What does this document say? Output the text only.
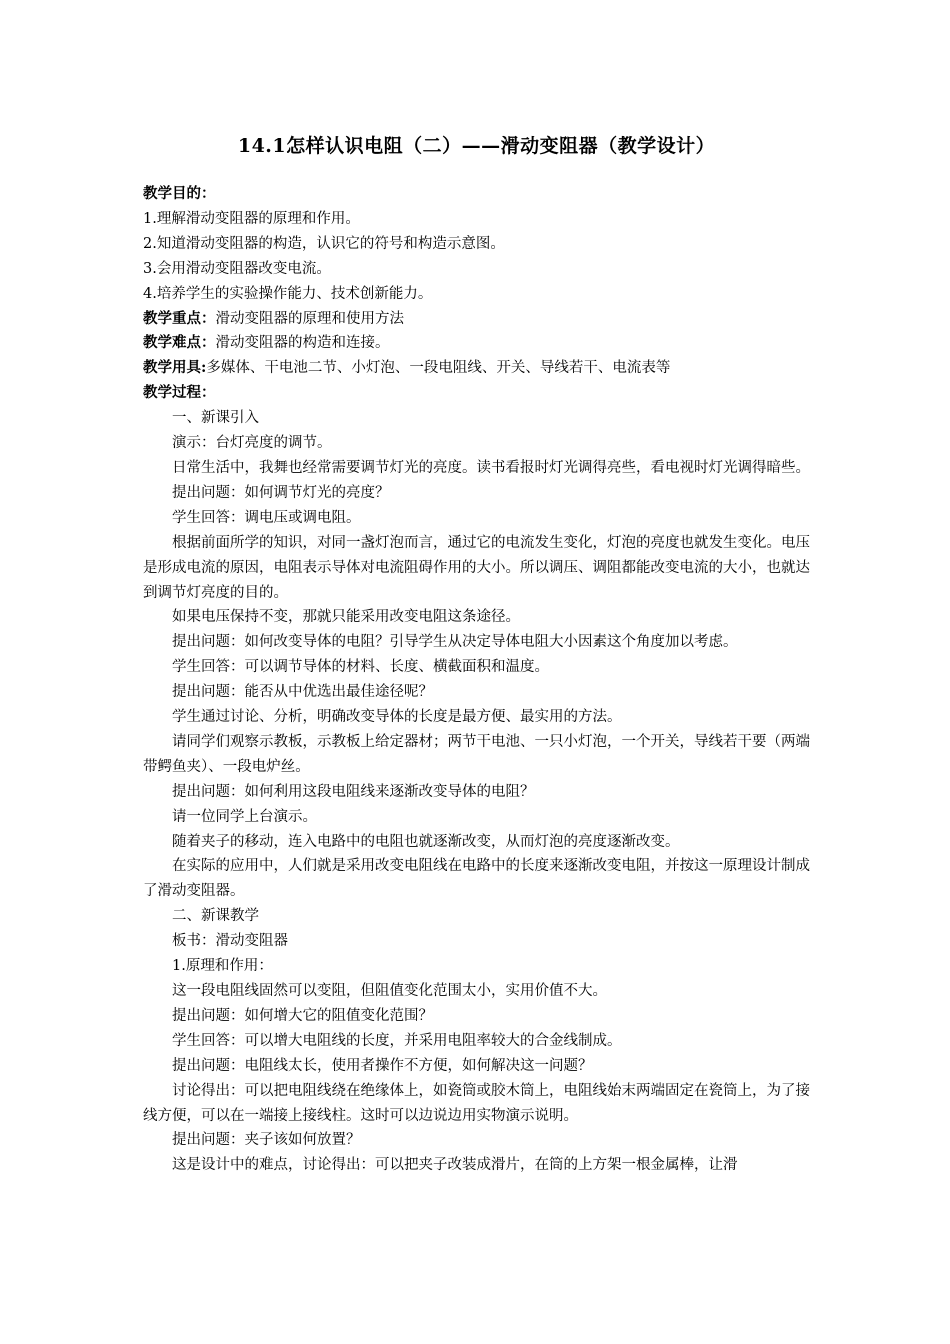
14.1怎样认识电阻（二）——滑动变阻器（教学设计）

教学目的：

1.理解滑动变阻器的原理和作用。

2.知道滑动变阻器的构造，认识它的符号和构造示意图。

3.会用滑动变阻器改变电流。

4.培养学生的实验操作能力、技术创新能力。

教学重点：滑动变阻器的原理和使用方法

教学难点：滑动变阻器的构造和连接。

教学用具:多媒体、干电池二节、小灯泡、一段电阻线、开关、导线若干、电流表等

教学过程：

一、新课引入

演示：台灯亮度的调节。

日常生活中，我舞也经常需要调节灯光的亮度。读书看报时灯光调得亮些，看电视时灯光调得暗些。

提出问题：如何调节灯光的亮度？

学生回答：调电压或调电阻。

根据前面所学的知识，对同一盏灯泡而言，通过它的电流发生变化，灯泡的亮度也就发生变化。电压是形成电流的原因，电阻表示导体对电流阻碍作用的大小。所以调压、调阻都能改变电流的大小，也就达到调节灯亮度的目的。

如果电压保持不变，那就只能采用改变电阻这条途径。

提出问题：如何改变导体的电阻？引导学生从决定导体电阻大小因素这个角度加以考虑。

学生回答：可以调节导体的材料、长度、横截面积和温度。

提出问题：能否从中优选出最佳途径呢？

学生通过讨论、分析，明确改变导体的长度是最方便、最实用的方法。

请同学们观察示教板，示教板上给定器材；两节干电池、一只小灯泡，一个开关，导线若干要（两端带鳄鱼夹）、一段电炉丝。

提出问题：如何利用这段电阻线来逐渐改变导体的电阻？

请一位同学上台演示。

随着夹子的移动，连入电路中的电阻也就逐渐改变，从而灯泡的亮度逐渐改变。

在实际的应用中，人们就是采用改变电阻线在电路中的长度来逐渐改变电阻，并按这一原理设计制成了滑动变阻器。

二、新课教学

板书：滑动变阻器

1.原理和作用：

这一段电阻线固然可以变阻，但阻值变化范围太小，实用价值不大。

提出问题：如何增大它的阻值变化范围？

学生回答：可以增大电阻线的长度，并采用电阻率较大的合金线制成。

提出问题：电阻线太长，使用者操作不方便，如何解决这一问题？

讨论得出：可以把电阻线绕在绝缘体上，如瓷筒或胶木筒上，电阻线始末两端固定在瓷筒上，为了接线方便，可以在一端接上接线柱。这时可以边说边用实物演示说明。

提出问题：夹子该如何放置？

这是设计中的难点，讨论得出：可以把夹子改装成滑片，在筒的上方架一根金属棒，让滑
